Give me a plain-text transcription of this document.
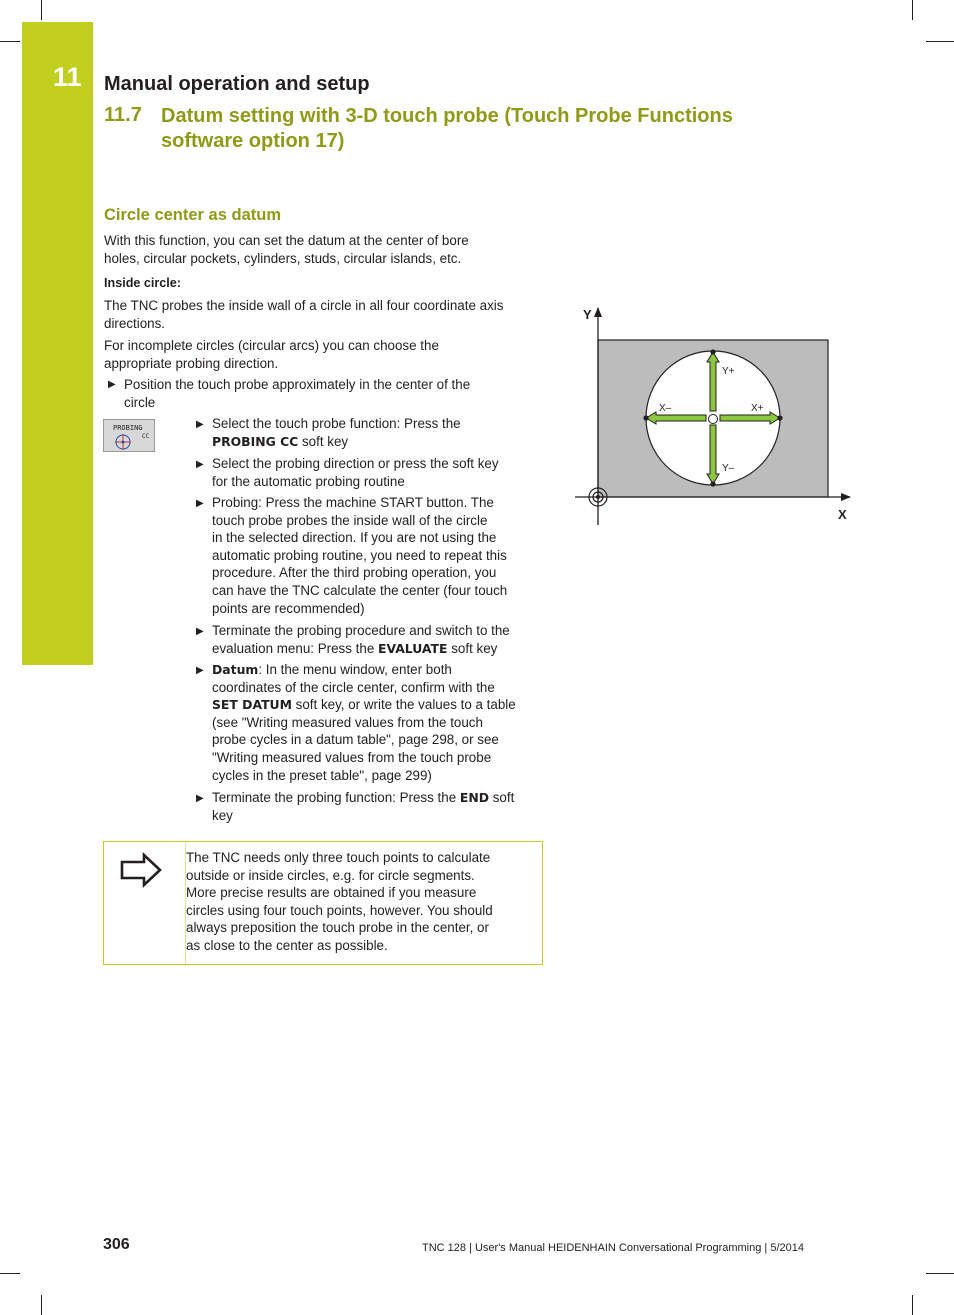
11 Manual operation and setup
11.7 Datum setting with 3-D touch probe (Touch Probe Functions
software option 17)
Circle center as datum
With this function, you can set the datum at the center of bore
holes, circular pockets, cylinders, studs, circular islands, etc.
Inside circle:
The TNC probes the inside wall of a circle in all four coordinate axis
directions.
For incomplete circles (circular arcs) you can choose the
appropriate probing direction.
▶ Position the touch probe approximately in the center of the
circle
PROBING
CC
▶ Select the touch probe function: Press the
PROBING CC soft key
▶ Select the probing direction or press the soft key
for the automatic probing routine
▶ Probing: Press the machine START button. The
touch probe probes the inside wall of the circle
in the selected direction. If you are not using the
automatic probing routine, you need to repeat this
procedure. After the third probing operation, you
can have the TNC calculate the center (four touch
points are recommended)
▶ Terminate the probing procedure and switch to the
evaluation menu: Press the EVALUATE soft key
▶ Datum: In the menu window, enter both
coordinates of the circle center, confirm with the
SET DATUM soft key, or write the values to a table
(see "Writing measured values from the touch
probe cycles in a datum table", page 298, or see
"Writing measured values from the touch probe
cycles in the preset table", page 299)
▶ Terminate the probing function: Press the END soft
key
The TNC needs only three touch points to calculate
outside or inside circles, e.g. for circle segments.
More precise results are obtained if you measure
circles using four touch points, however. You should
always preposition the touch probe in the center, or
as close to the center as possible.
Y
X
Y+
Y–
X–	X+
306	TNC 128 | User's Manual HEIDENHAIN Conversational Programming | 5/2014
